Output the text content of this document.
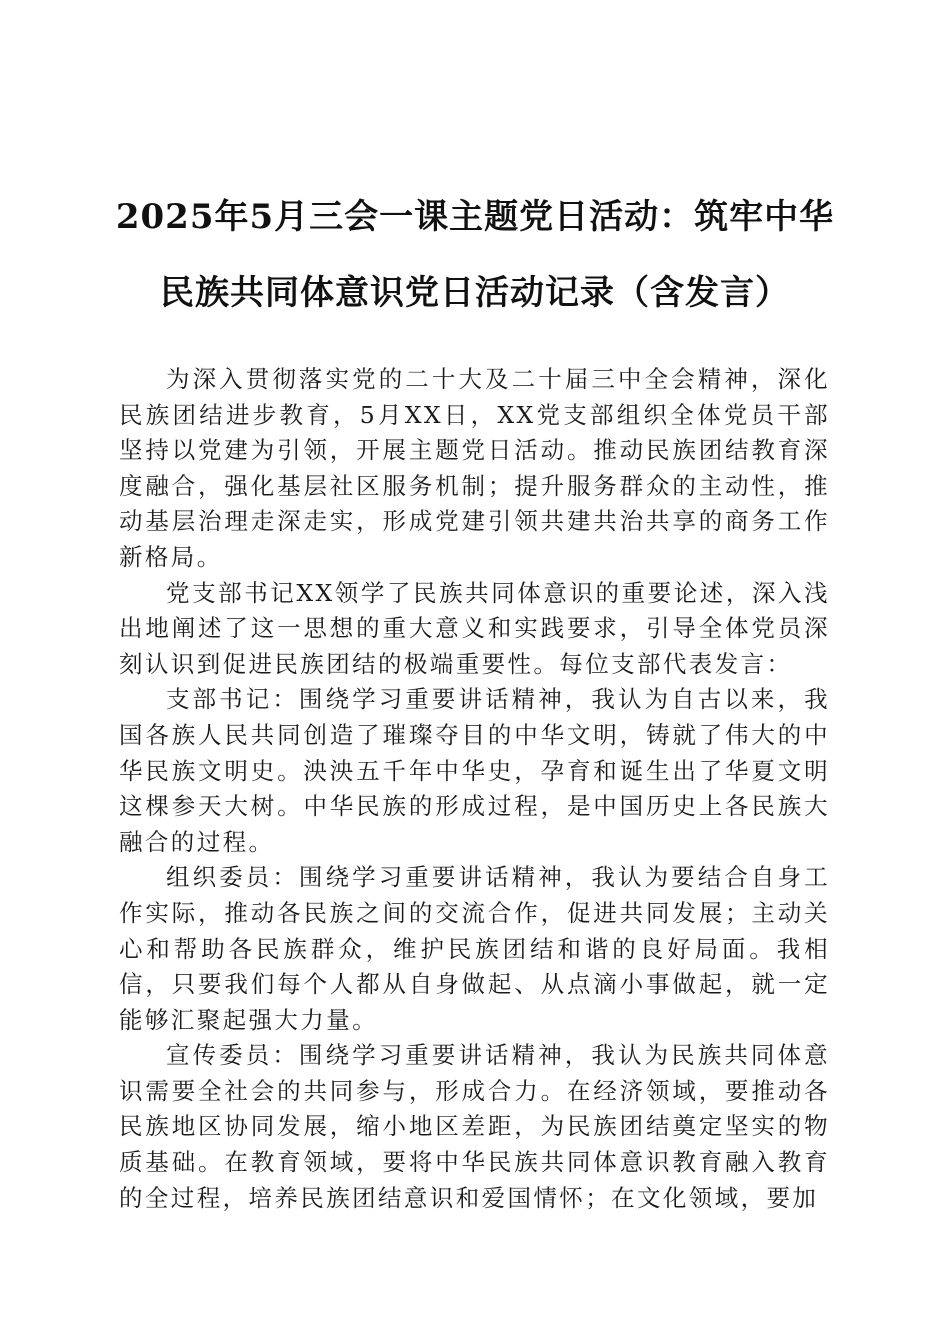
2025年5月三会一课主题党日活动：筑牢中华
民族共同体意识党日活动记录（含发言）

为深入贯彻落实党的二十大及二十届三中全会精神，深化民族团结进步教育，5月XX日，XX党支部组织全体党员干部坚持以党建为引领，开展主题党日活动。推动民族团结教育深度融合，强化基层社区服务机制；提升服务群众的主动性，推动基层治理走深走实，形成党建引领共建共治共享的商务工作新格局。

党支部书记XX领学了民族共同体意识的重要论述，深入浅出地阐述了这一思想的重大意义和实践要求，引导全体党员深刻认识到促进民族团结的极端重要性。每位支部代表发言：

支部书记：围绕学习重要讲话精神，我认为自古以来，我国各族人民共同创造了璀璨夺目的中华文明，铸就了伟大的中华民族文明史。泱泱五千年中华史，孕育和诞生出了华夏文明这棵参天大树。中华民族的形成过程，是中国历史上各民族大融合的过程。

组织委员：围绕学习重要讲话精神，我认为要结合自身工作实际，推动各民族之间的交流合作，促进共同发展；主动关心和帮助各民族群众，维护民族团结和谐的良好局面。我相信，只要我们每个人都从自身做起、从点滴小事做起，就一定能够汇聚起强大力量。

宣传委员：围绕学习重要讲话精神，我认为民族共同体意识需要全社会的共同参与，形成合力。在经济领域，要推动各民族地区协同发展，缩小地区差距，为民族团结奠定坚实的物质基础。在教育领域，要将中华民族共同体意识教育融入教育的全过程，培养民族团结意识和爱国情怀；在文化领域，要加
